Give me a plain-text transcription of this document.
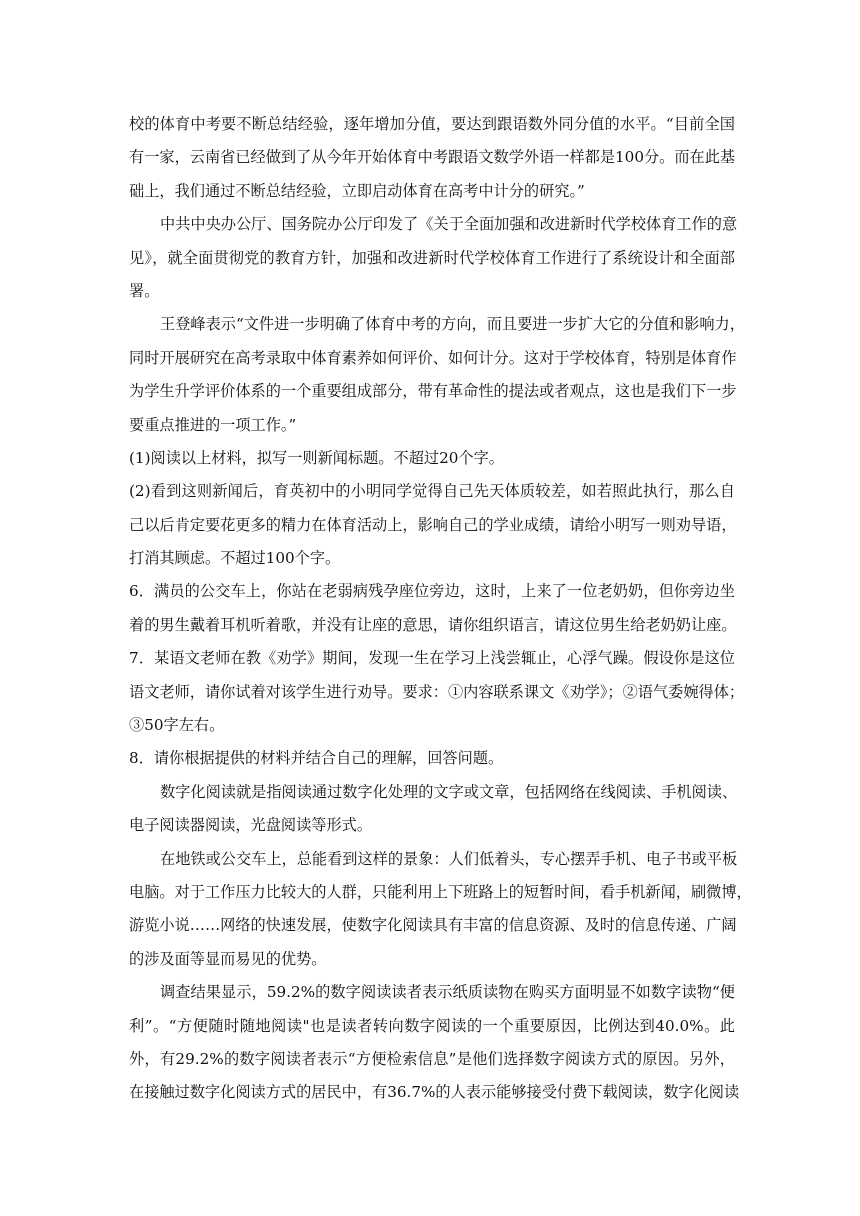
校的体育中考要不断总结经验，逐年增加分值，要达到跟语数外同分值的水平。“目前全国
有一家，云南省已经做到了从今年开始体育中考跟语文数学外语一样都是100分。而在此基
础上，我们通过不断总结经验，立即启动体育在高考中计分的研究。”
中共中央办公厅、国务院办公厅印发了《关于全面加强和改进新时代学校体育工作的意
见》，就全面贯彻党的教育方针，加强和改进新时代学校体育工作进行了系统设计和全面部
署。
王登峰表示“文件进一步明确了体育中考的方向，而且要进一步扩大它的分值和影响力，
同时开展研究在高考录取中体育素养如何评价、如何计分。这对于学校体育，特别是体育作
为学生升学评价体系的一个重要组成部分，带有革命性的提法或者观点，这也是我们下一步
要重点推进的一项工作。”
(1)阅读以上材料，拟写一则新闻标题。不超过20个字。
(2)看到这则新闻后，育英初中的小明同学觉得自己先天体质较差，如若照此执行，那么自
己以后肯定要花更多的精力在体育活动上，影响自己的学业成绩，请给小明写一则劝导语，
打消其顾虑。不超过100个字。
6．满员的公交车上，你站在老弱病残孕座位旁边，这时，上来了一位老奶奶，但你旁边坐
着的男生戴着耳机听着歌，并没有让座的意思，请你组织语言，请这位男生给老奶奶让座。
7．某语文老师在教《劝学》期间，发现一生在学习上浅尝辄止，心浮气躁。假设你是这位
语文老师，请你试着对该学生进行劝导。要求：①内容联系课文《劝学》；②语气委婉得体；
③50字左右。
8．请你根据提供的材料并结合自己的理解，回答问题。
数字化阅读就是指阅读通过数字化处理的文字或文章，包括网络在线阅读、手机阅读、
电子阅读器阅读，光盘阅读等形式。
在地铁或公交车上，总能看到这样的景象：人们低着头，专心摆弄手机、电子书或平板
电脑。对于工作压力比较大的人群，只能利用上下班路上的短暂时间，看手机新闻，刷微博，
游览小说……网络的快速发展，使数字化阅读具有丰富的信息资源、及时的信息传递、广阔
的涉及面等显而易见的优势。
调查结果显示，59.2%的数字阅读读者表示纸质读物在购买方面明显不如数字读物“便
利”。“方便随时随地阅读"也是读者转向数字阅读的一个重要原因，比例达到40.0%。此
外，有29.2%的数字阅读者表示“方便检索信息”是他们选择数字阅读方式的原因。另外，
在接触过数字化阅读方式的居民中，有36.7%的人表示能够接受付费下载阅读，数字化阅读
